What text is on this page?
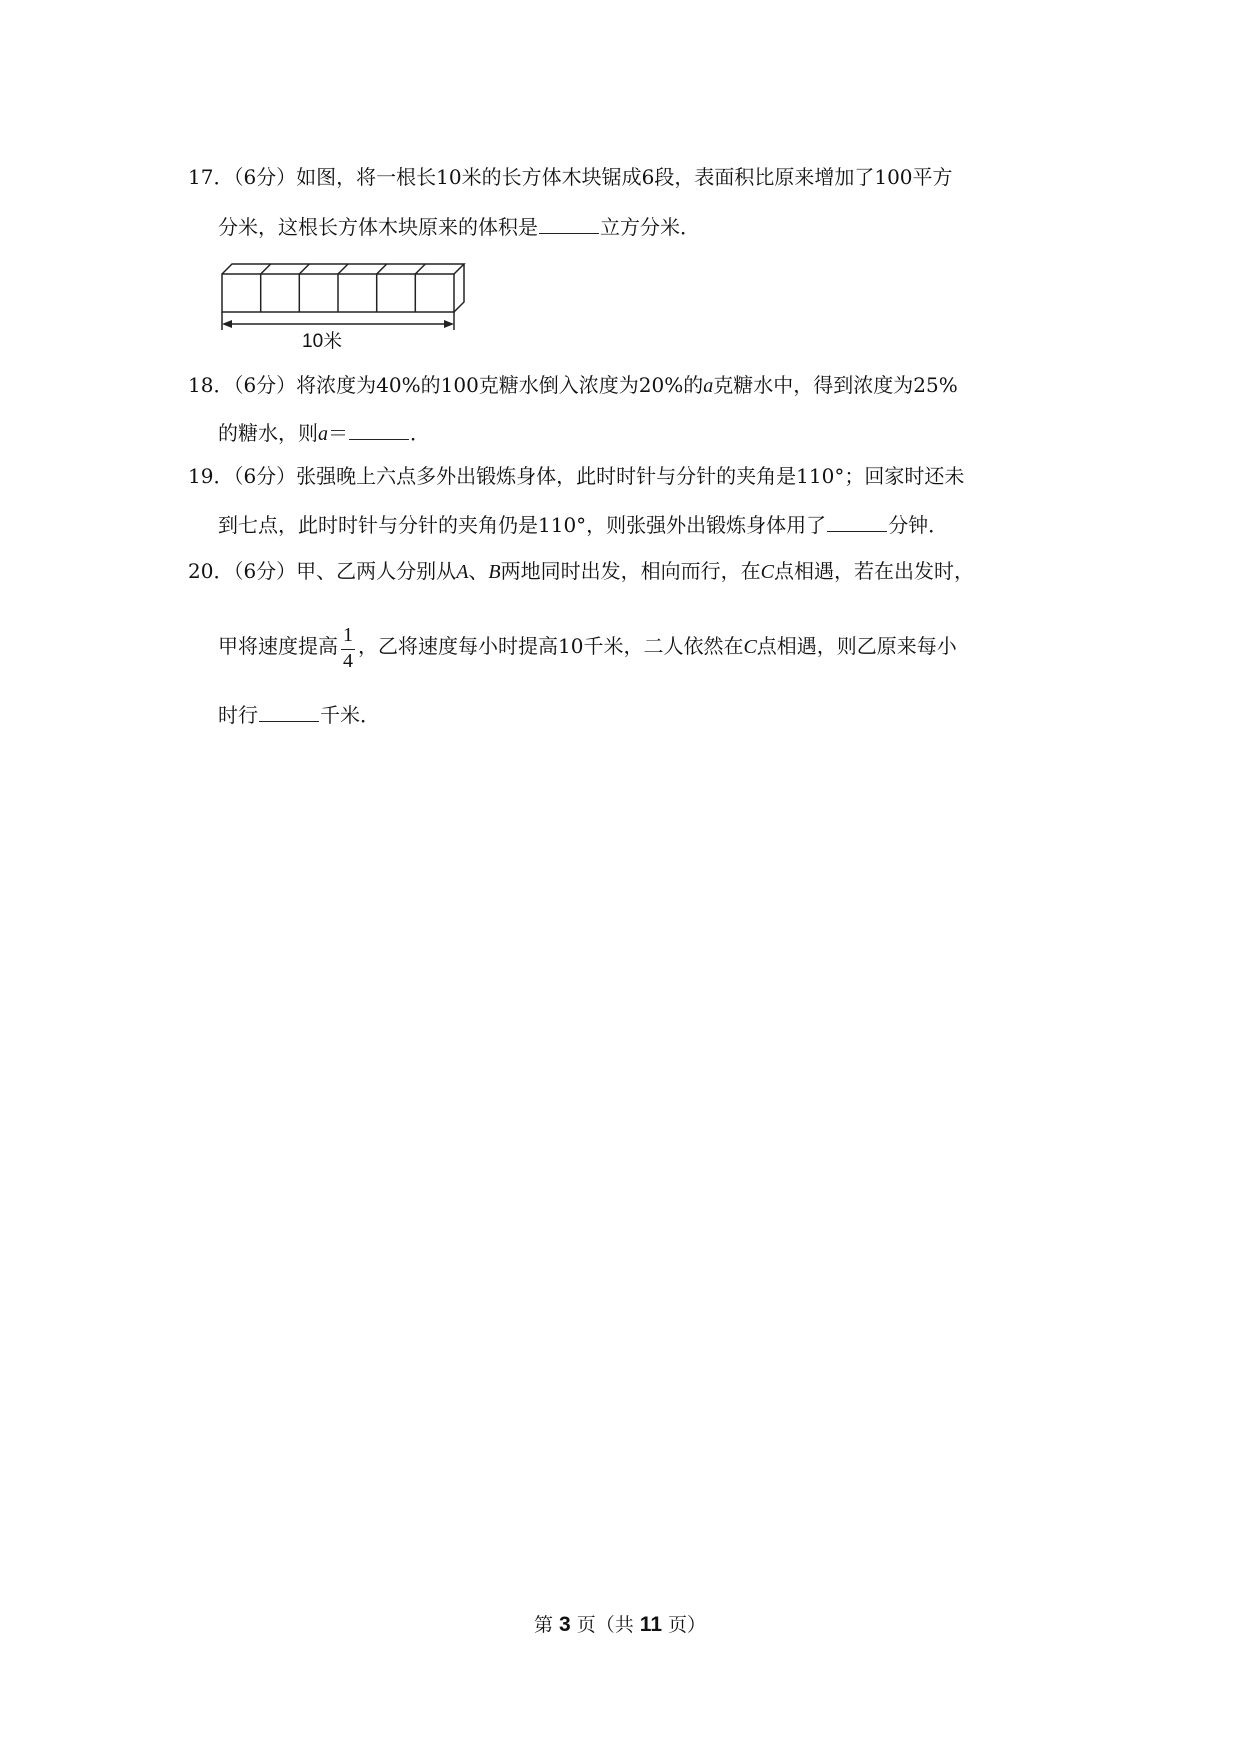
17．（6分）如图，将一根长10米的长方体木块锯成6段，表面积比原来增加了100平方
分米，这根长方体木块原来的体积是	立方分米．
10米
18．（6分）将浓度为40%的100克糖水倒入浓度为20%的a克糖水中，得到浓度为25%
的糖水，则a＝	．
19．（6分）张强晚上六点多外出锻炼身体，此时时针与分针的夹角是110°；回家时还未
到七点，此时时针与分针的夹角仍是110°，则张强外出锻炼身体用了	分钟．
20．（6分）甲、乙两人分别从A、B两地同时出发，相向而行，在C点相遇，若在出发时，
甲将速度提高 $\frac{1}{4}$ ，乙将速度每小时提高10千米，二人依然在C点相遇，则乙原来每小
时行	千米．
第 3 页（共 11 页）
